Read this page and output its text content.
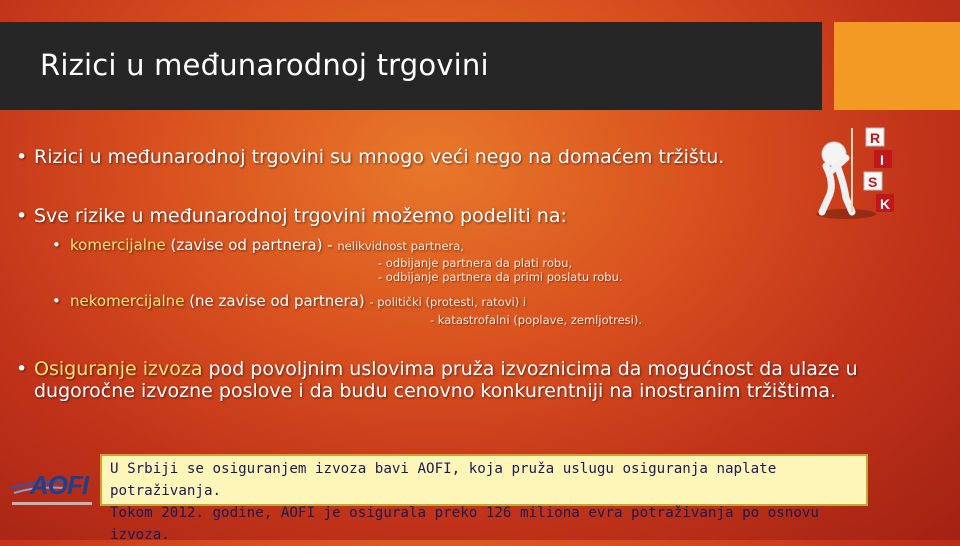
Rizici u međunarodnoj trgovini
R
I
S
K
• Rizici u međunarodnoj trgovini su mnogo veći nego na domaćem tržištu.
• Sve rizike u međunarodnoj trgovini možemo podeliti na:
• komercijalne (zavise od partnera) - nelikvidnost partnera,
- odbijanje partnera da plati robu,
- odbijanje partnera da primi poslatu robu.
• nekomercijalne (ne zavise od partnera) - politički (protesti, ratovi) i
- katastrofalni (poplave, zemljotresi).
• Osiguranje izvoza pod povoljnim uslovima pruža izvoznicima da mogućnost da ulaze u dugoročne izvozne poslove i da budu cenovno konkurentniji na inostranim tržištima.
AOFI
U Srbiji se osiguranjem izvoza bavi AOFI, koja pruža uslugu osiguranja naplate potraživanja.
Tokom 2012. godine, AOFI je osigurala preko 126 miliona evra potraživanja po osnovu izvoza.
